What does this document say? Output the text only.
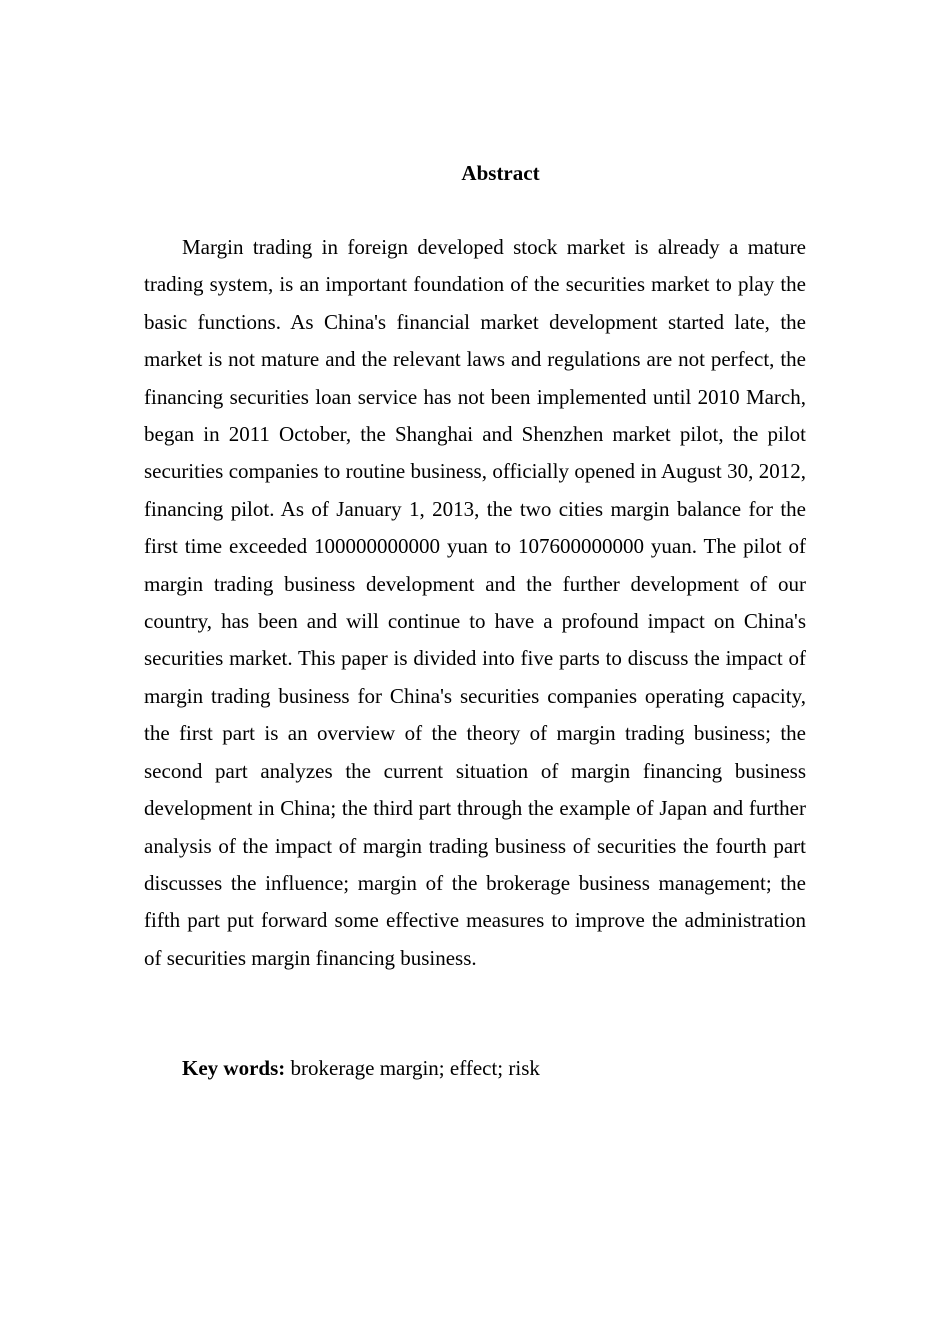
Abstract

Margin trading in foreign developed stock market is already a mature trading system, is an important foundation of the securities market to play the basic functions. As China's financial market development started late, the market is not mature and the relevant laws and regulations are not perfect, the financing securities loan service has not been implemented until 2010 March, began in 2011 October, the Shanghai and Shenzhen market pilot, the pilot securities companies to routine business, officially opened in August 30, 2012, financing pilot. As of January 1, 2013, the two cities margin balance for the first time exceeded 100000000000 yuan to 107600000000 yuan. The pilot of margin trading business development and the further development of our country, has been and will continue to have a profound impact on China's securities market. This paper is divided into five parts to discuss the impact of margin trading business for China's securities companies operating capacity, the first part is an overview of the theory of margin trading business; the second part analyzes the current situation of margin financing business development in China; the third part through the example of Japan and further analysis of the impact of margin trading business of securities the fourth part discusses the influence; margin of the brokerage business management; the fifth part put forward some effective measures to improve the administration of securities margin financing business.

Key words: brokerage margin; effect; risk
